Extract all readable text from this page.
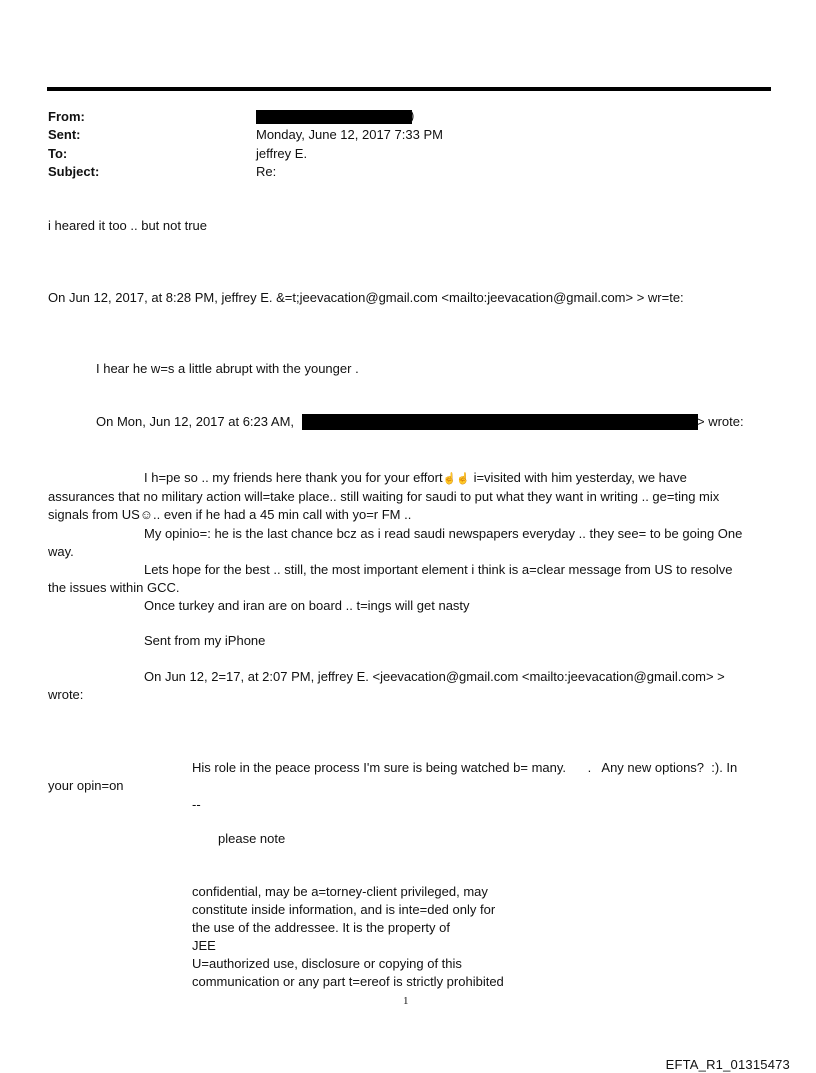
From:	)
Sent:	Monday, June 12, 2017 7:33 PM
To:	jeffrey E.
Subject:	Re:
i heared it too .. but not true
On Jun 12, 2017, at 8:28 PM, jeffrey E. &=t;jeevacation@gmail.com <mailto:jeevacation@gmail.com> > wr=te:
I hear he w=s a little abrupt with the younger .
On Mon, Jun 12, 2017 at 6:23 AM,	> wrote:
I h=pe so .. my friends here thank you for your effort☝☝ i=visited with him yesterday, we have
assurances that no military action will=take place.. still waiting for saudi to put what they want in writing .. ge=ting mix
signals from US☺.. even if he had a 45 min call with yo=r FM ..
My opinio=: he is the last chance bcz as i read saudi newspapers everyday .. they see= to be going One
way.
Lets hope for the best .. still, the most important element i think is a=clear message from US to resolve
the issues within GCC.
Once turkey and iran are on board .. t=ings will get nasty
Sent from my iPhone
On Jun 12, 2=17, at 2:07 PM, jeffrey E. <jeevacation@gmail.com <mailto:jeevacation@gmail.com> >
wrote:
His role in the peace process I'm sure is being watched b= many.      .   Any new options?  :). In
your opin=on
--
please note
confidential, may be a=torney-client privileged, may
constitute inside information, and is inte=ded only for
the use of the addressee. It is the property of
JEE
U=authorized use, disclosure or copying of this
communication or any part t=ereof is strictly prohibited
1
EFTA_R1_01315473
